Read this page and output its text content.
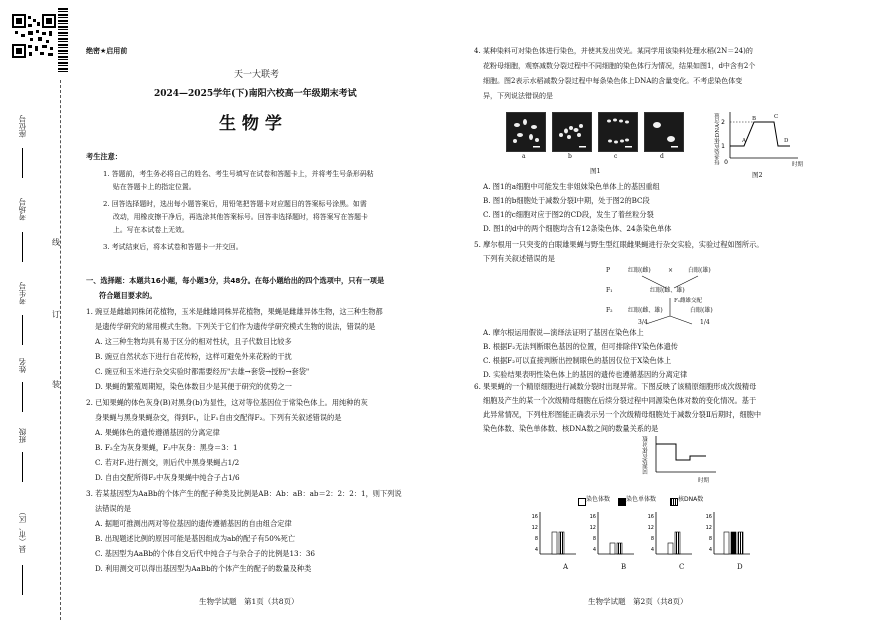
座位号
考场号
考生号
姓名
班级
县（市、区）
装
订
线
绝密★启用前
天一大联考
2024—2025学年(下)南阳六校高一年级期末考试
生 物 学
考生注意：
1. 答题前，考生务必将自己的姓名、考生号填写在试卷和答题卡上，并将考生号条形码粘
贴在答题卡上的指定位置。
2. 回答选择题时，选出每小题答案后，用铅笔把答题卡对应题目的答案标号涂黑。如需
改动，用橡皮擦干净后，再选涂其他答案标号。回答非选择题时，将答案写在答题卡
上。写在本试卷上无效。
3. 考试结束后，将本试卷和答题卡一并交回。
一、选择题：本题共16小题，每小题3分，共48分。在每小题给出的四个选项中，只有一项是
符合题目要求的。
1. 豌豆是雌雄同株闭花植物，玉米是雌雄同株异花植物，果蝇是雌雄异体生物，这三种生物都
是遗传学研究的常用模式生物。下列关于它们作为遗传学研究模式生物的说法，错误的是
A. 这三种生物均具有易于区分的相对性状，且子代数目比较多
B. 豌豆自然状态下进行自花传粉，这样可避免外来花粉的干扰
C. 豌豆和玉米进行杂交实验时都需要经历"去雄→套袋→授粉→套袋"
D. 果蝇的繁殖周期短，染色体数目少是其便于研究的优势之一
2. 已知果蝇的体色灰身(B)对黑身(b)为显性，这对等位基因位于常染色体上。用纯种的灰
身果蝇与黑身果蝇杂交，得到F₁，让F₁自由交配得F₂。下列有关叙述错误的是
A. 果蝇体色的遗传遵循基因的分离定律
B. F₂全为灰身果蝇，F₂中灰身：黑身＝3：1
C. 若对F₁进行测交，则后代中黑身果蝇占1/2
D. 自由交配所得F₂中灰身果蝇中纯合子占1/6
3. 若某基因型为AaBb的个体产生的配子种类及比例是AB：Ab：aB：ab＝2：2：2：1，则下列说
法错误的是
A. 据题可推测出两对等位基因的遗传遵循基因的自由组合定律
B. 出现题述比例的原因可能是基因组成为ab的配子有50%死亡
C. 基因型为AaBb的个体自交后代中纯合子与杂合子的比例是13：36
D. 利用测交可以得出基因型为AaBb的个体产生的配子的数量及种类
生物学试题　第1页（共8页）
4. 某种染料可对染色体进行染色，并使其发出荧光。某同学用该染料处理水稻(2N＝24)的
花粉母细胞，观察减数分裂过程中不同细胞的染色体行为情况，结果如图1，d中含有2个
细胞。图2表示水稻减数分裂过程中每条染色体上DNA的含量变化。不考虑染色体变
异，下列说法错误的是
a	b	c	d
图1
2
1
0
每条染色体DNA含量	A
B	C
D
时期
图2
A. 图1的a细胞中可能发生非姐妹染色单体上的基因重组
B. 图1的b细胞处于减数分裂Ⅰ中期，处于图2的BC段
C. 图1的c细胞对应于图2的CD段，发生了着丝粒分裂
D. 图1的d中的两个细胞均含有12条染色体、24条染色单体
5. 摩尔根用一只突变的白眼雄果蝇与野生型红眼雌果蝇进行杂交实验，实验过程如图所示。
下列有关叙述错误的是
P	红眼(雌)	× 白眼(雄)
F₁	红眼(雌、雄)
F₁雌雄交配
F₂	红眼(雌、雄)	白眼(雄)
3/4	1/4
A. 摩尔根运用假说—演绎法证明了基因在染色体上
B. 根据F₂无法判断眼色基因的位置，但可排除伴Y染色体遗传
C. 根据F₂可以直接判断出控制眼色的基因仅位于X染色体上
D. 实验结果表明性染色体上的基因的遗传也遵循基因的分离定律
6. 果果蝇的一个精原细胞进行减数分裂时出现异常。下图反映了该精原细胞形成次级精母
细胞及产生的某一个次级精母细胞在后续分裂过程中同源染色体对数的变化情况。基于
此异常情况，下列柱形图能正确表示另一个次级精母细胞处于减数分裂Ⅱ后期时，细胞中
染色体数、染色单体数、核DNA数之间的数量关系的是
同源染色体对数
时期
染色体数	染色单体数	核DNA数
16
12
8
4
16
12
8
4
16
12
8
4
16
12
8
4
A	B	C	D
生物学试题　第2页（共8页）
